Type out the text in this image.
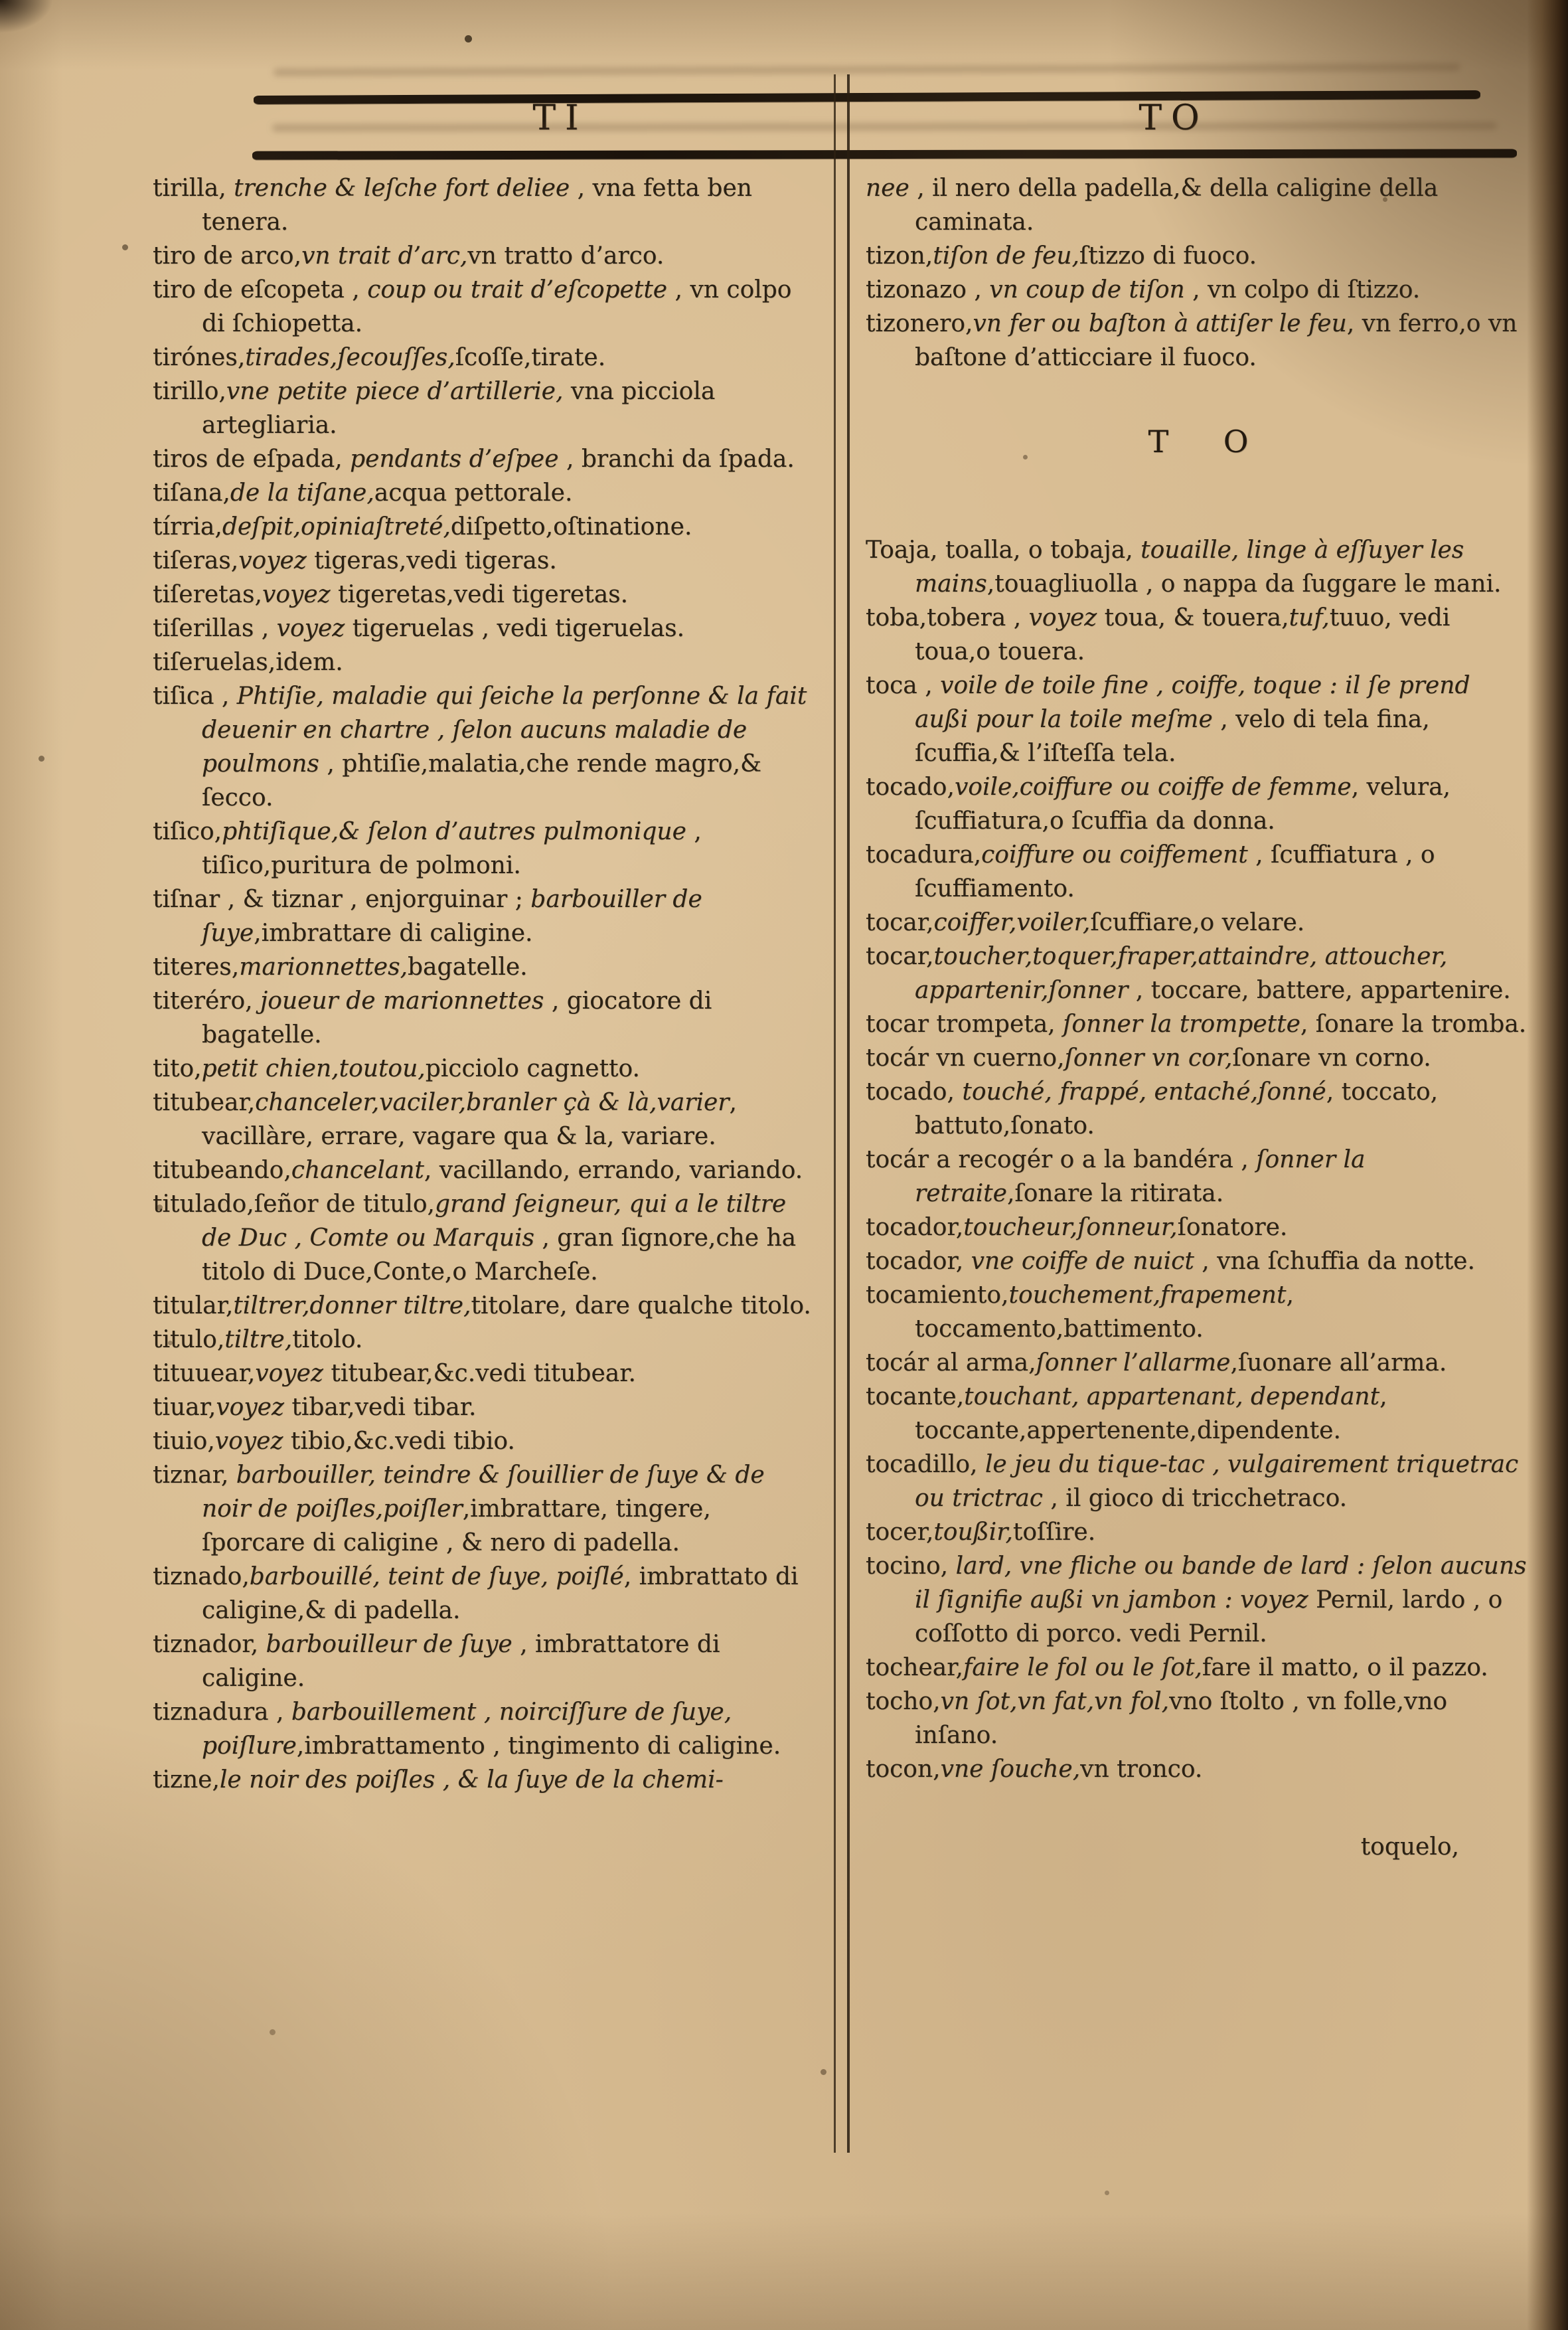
TI	TO

tirilla, trenche & leſche fort deliee , vna fetta ben tenera.

tiro de arco,vn trait d’arc,vn tratto d’arco.

tiro de eſcopeta , coup ou trait d’eſcopette , vn colpo di ſchiopetta.

tirónes,tirades,ſecouſſes,ſcoſſe,tirate.

tirillo,vne petite piece d’artillerie, vna picciola artegliaria.

tiros de eſpada, pendants d’eſpee , branchi da ſpada.

tiſana,de la tiſane,acqua pettorale.

tírria,deſpit,opiniaſtreté,diſpetto,oſtinatione.

tiſeras,voyez tigeras,vedi tigeras.

tiſeretas,voyez tigeretas,vedi tigeretas.

tiſerillas , voyez tigeruelas , vedi tigeruelas.

tiſeruelas,idem.

tiſica , Phtiſie, maladie qui ſeiche la perſonne & la fait deuenir en chartre , ſelon aucuns maladie de poulmons , phtiſie,malatia,che rende magro,& ſecco.

tiſico,phtiſique,& ſelon d’autres pulmonique , tiſico,puritura de polmoni.

tiſnar , & tiznar , enjorguinar ; barbouiller de ſuye,imbrattare di caligine.

titeres,marionnettes,bagatelle.

titeréro, joueur de marionnettes , giocatore di bagatelle.

tito,petit chien,toutou,picciolo cagnetto.

titubear,chanceler,vaciler,branler çà & là,varier, vacillàre, errare, vagare qua & la, variare.

titubeando,chancelant, vacillando, errando, variando.

titulado,ſeñor de titulo,grand ſeigneur, qui a le tiltre de Duc , Comte ou Marquis , gran ſignore,che ha titolo di Duce,Conte,o Marcheſe.

titular,tiltrer,donner tiltre,titolare, dare qualche titolo.

titulo,tiltre,titolo.

tituuear,voyez titubear,&c.vedi titubear.

tiuar,voyez tibar,vedi tibar.

tiuio,voyez tibio,&c.vedi tibio.

tiznar, barbouiller, teindre & ſouillier de ſuye & de noir de poiſles,poiſler,imbrattare, tingere, ſporcare di caligine , & nero di padella.

tiznado,barbouillé, teint de ſuye, poiſlé, imbrattato di caligine,& di padella.

tiznador, barbouilleur de ſuye , imbrattatore di caligine.

tiznadura , barbouillement , noirciſſure de ſuye, poiſlure,imbrattamento , tingimento di caligine.

tizne,le noir des poiſles , & la ſuye de la chemi-

nee , il nero della padella,& della caligine della caminata.

tizon,tiſon de feu,ſtizzo di fuoco.

tizonazo , vn coup de tiſon , vn colpo di ſtizzo.

tizonero,vn fer ou baſton à attiſer le feu, vn ferro,o vn baſtone d’atticciare il fuoco.

T O

Toaja, toalla, o tobaja, touaille, linge à eſſuyer les mains,touagliuolla , o nappa da ſuggare le mani.

toba,tobera , voyez toua, & touera,tuf,tuuo, vedi toua,o touera.

toca , voile de toile fine , coiffe, toque : il ſe prend außi pour la toile meſme , velo di tela fina, ſcuffia,& l’iſteſſa tela.

tocado,voile,coiffure ou coiffe de femme, velura, ſcuffiatura,o ſcuffia da donna.

tocadura,coiffure ou coiffement , ſcuffiatura , o ſcuffiamento.

tocar,coiffer,voiler,ſcuffiare,o velare.

tocar,toucher,toquer,fraper,attaindre, attoucher, appartenir,ſonner , toccare, battere, appartenire.

tocar trompeta, ſonner la trompette, ſonare la tromba.

tocár vn cuerno,ſonner vn cor,ſonare vn corno.

tocado, touché, frappé, entaché,ſonné, toccato, battuto,ſonato.

tocár a recogér o a la bandéra , ſonner la retraite,ſonare la ritirata.

tocador,toucheur,ſonneur,ſonatore.

tocador, vne coiffe de nuict , vna ſchuffia da notte.

tocamiento,touchement,frapement, toccamento,battimento.

tocár al arma,ſonner l’allarme,ſuonare all’arma.

tocante,touchant, appartenant, dependant, toccante,appertenente,dipendente.

tocadillo, le jeu du tique-tac , vulgairement triquetrac ou trictrac , il gioco di tricchetraco.

tocer,toußir,toſſire.

tocino, lard, vne fliche ou bande de lard : ſelon aucuns il ſignifie außi vn jambon : voyez Pernil, lardo , o coſſotto di porco. vedi Pernil.

tochear,faire le fol ou le ſot,fare il matto, o il pazzo.

tocho,vn ſot,vn fat,vn fol,vno ſtolto , vn folle,vno inſano.

tocon,vne ſouche,vn tronco.

toquelo,
